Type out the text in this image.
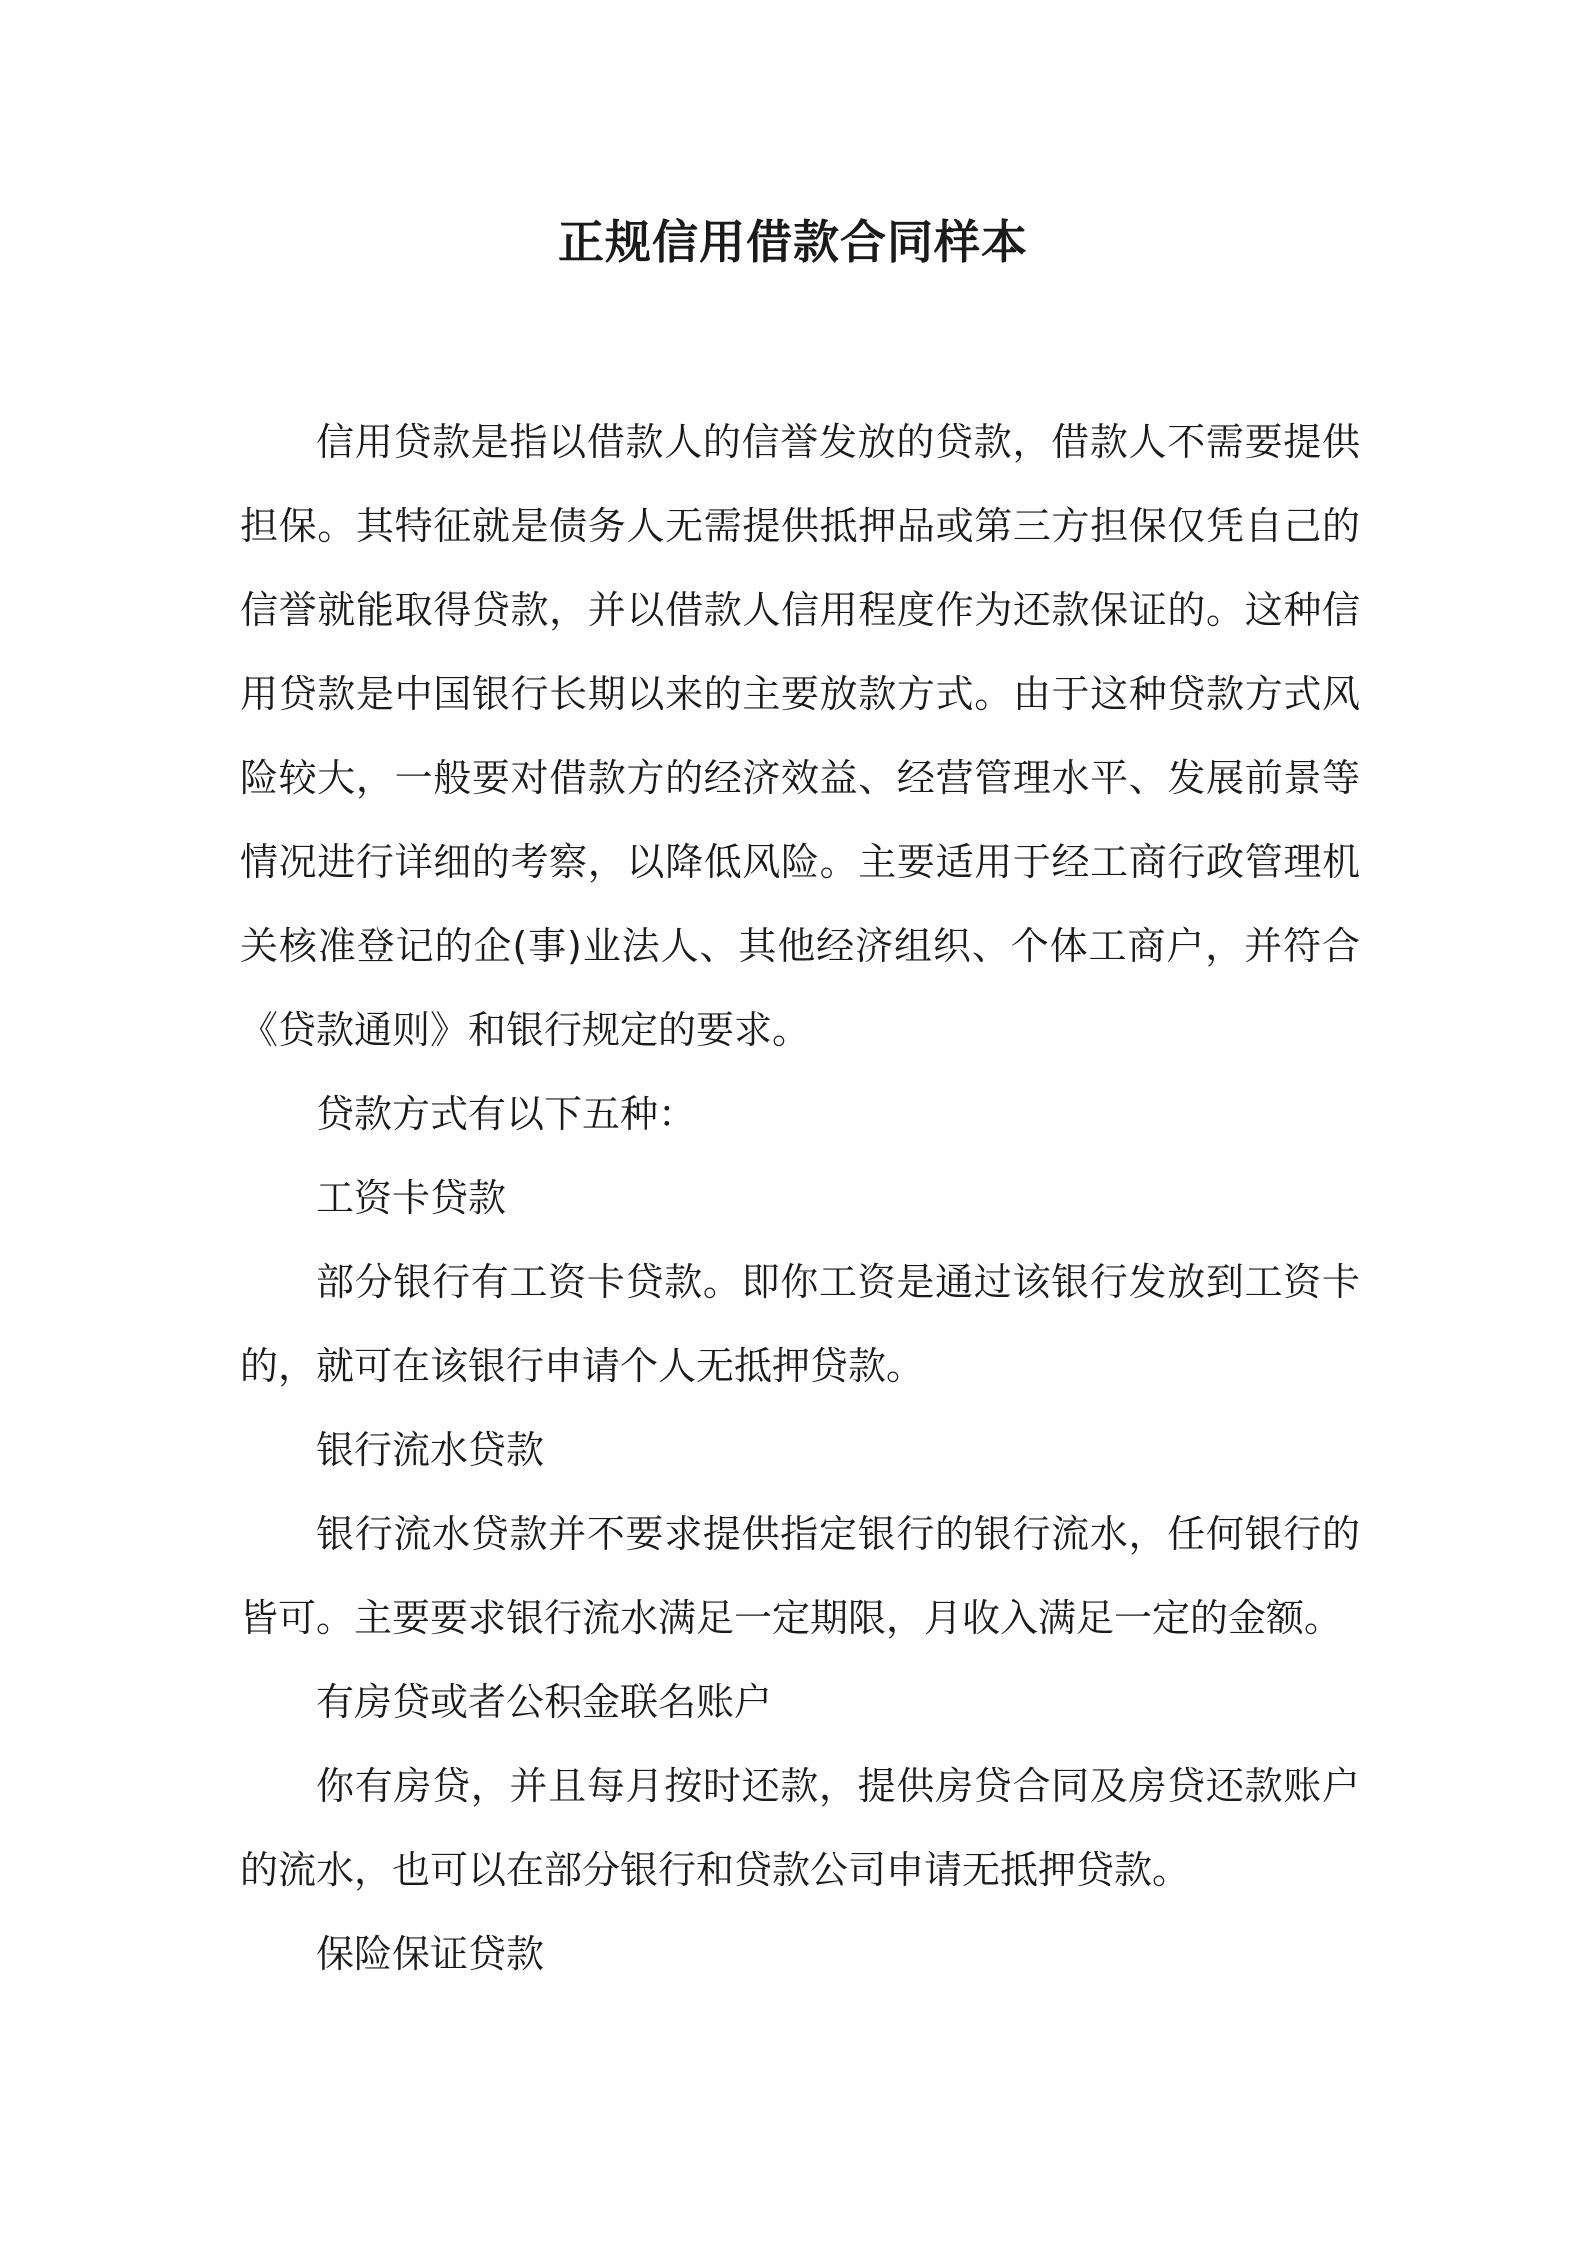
正规信用借款合同样本

信用贷款是指以借款人的信誉发放的贷款，借款人不需要提供担保。其特征就是债务人无需提供抵押品或第三方担保仅凭自己的信誉就能取得贷款，并以借款人信用程度作为还款保证的。这种信用贷款是中国银行长期以来的主要放款方式。由于这种贷款方式风险较大，一般要对借款方的经济效益、经营管理水平、发展前景等情况进行详细的考察，以降低风险。主要适用于经工商行政管理机关核准登记的企(事)业法人、其他经济组织、个体工商户，并符合《贷款通则》和银行规定的要求。

贷款方式有以下五种：

工资卡贷款

部分银行有工资卡贷款。即你工资是通过该银行发放到工资卡的，就可在该银行申请个人无抵押贷款。

银行流水贷款

银行流水贷款并不要求提供指定银行的银行流水，任何银行的皆可。主要要求银行流水满足一定期限，月收入满足一定的金额。

有房贷或者公积金联名账户

你有房贷，并且每月按时还款，提供房贷合同及房贷还款账户的流水，也可以在部分银行和贷款公司申请无抵押贷款。

保险保证贷款
